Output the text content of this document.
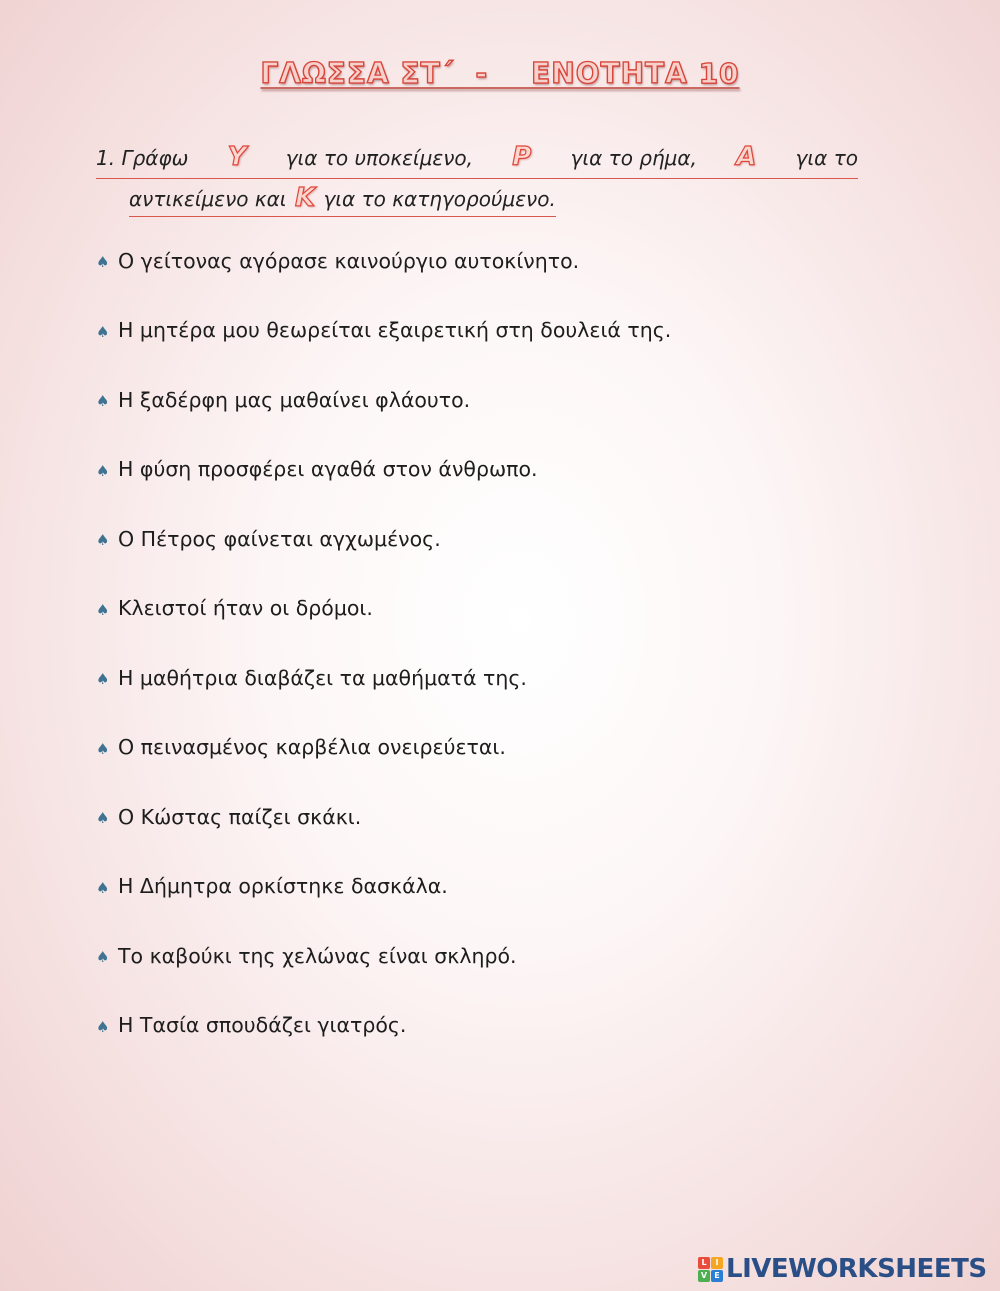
ΓΛΩΣΣΑ ΣΤ΄  -    ΕΝΟΤΗΤΑ 10
1. Γράφω Υ για το υποκείμενο, Ρ για το ρήμα, Α για το
αντικείμενο και Κ για το κατηγορούμενο.
♠ Ο γείτονας αγόρασε καινούργιο αυτοκίνητο.
♠ Η μητέρα μου θεωρείται εξαιρετική στη δουλειά της.
♠ Η ξαδέρφη μας μαθαίνει φλάουτο.
♠ Η φύση προσφέρει αγαθά στον άνθρωπο.
♠ Ο Πέτρος φαίνεται αγχωμένος.
♠ Κλειστοί ήταν οι δρόμοι.
♠ Η μαθήτρια διαβάζει τα μαθήματά της.
♠ Ο πεινασμένος καρβέλια ονειρεύεται.
♠ Ο Κώστας παίζει σκάκι.
♠ Η Δήμητρα ορκίστηκε δασκάλα.
♠ Το καβούκι της χελώνας είναι σκληρό.
♠ Η Τασία σπουδάζει γιατρός.
L	I
V E LIVEWORKSHEETS
